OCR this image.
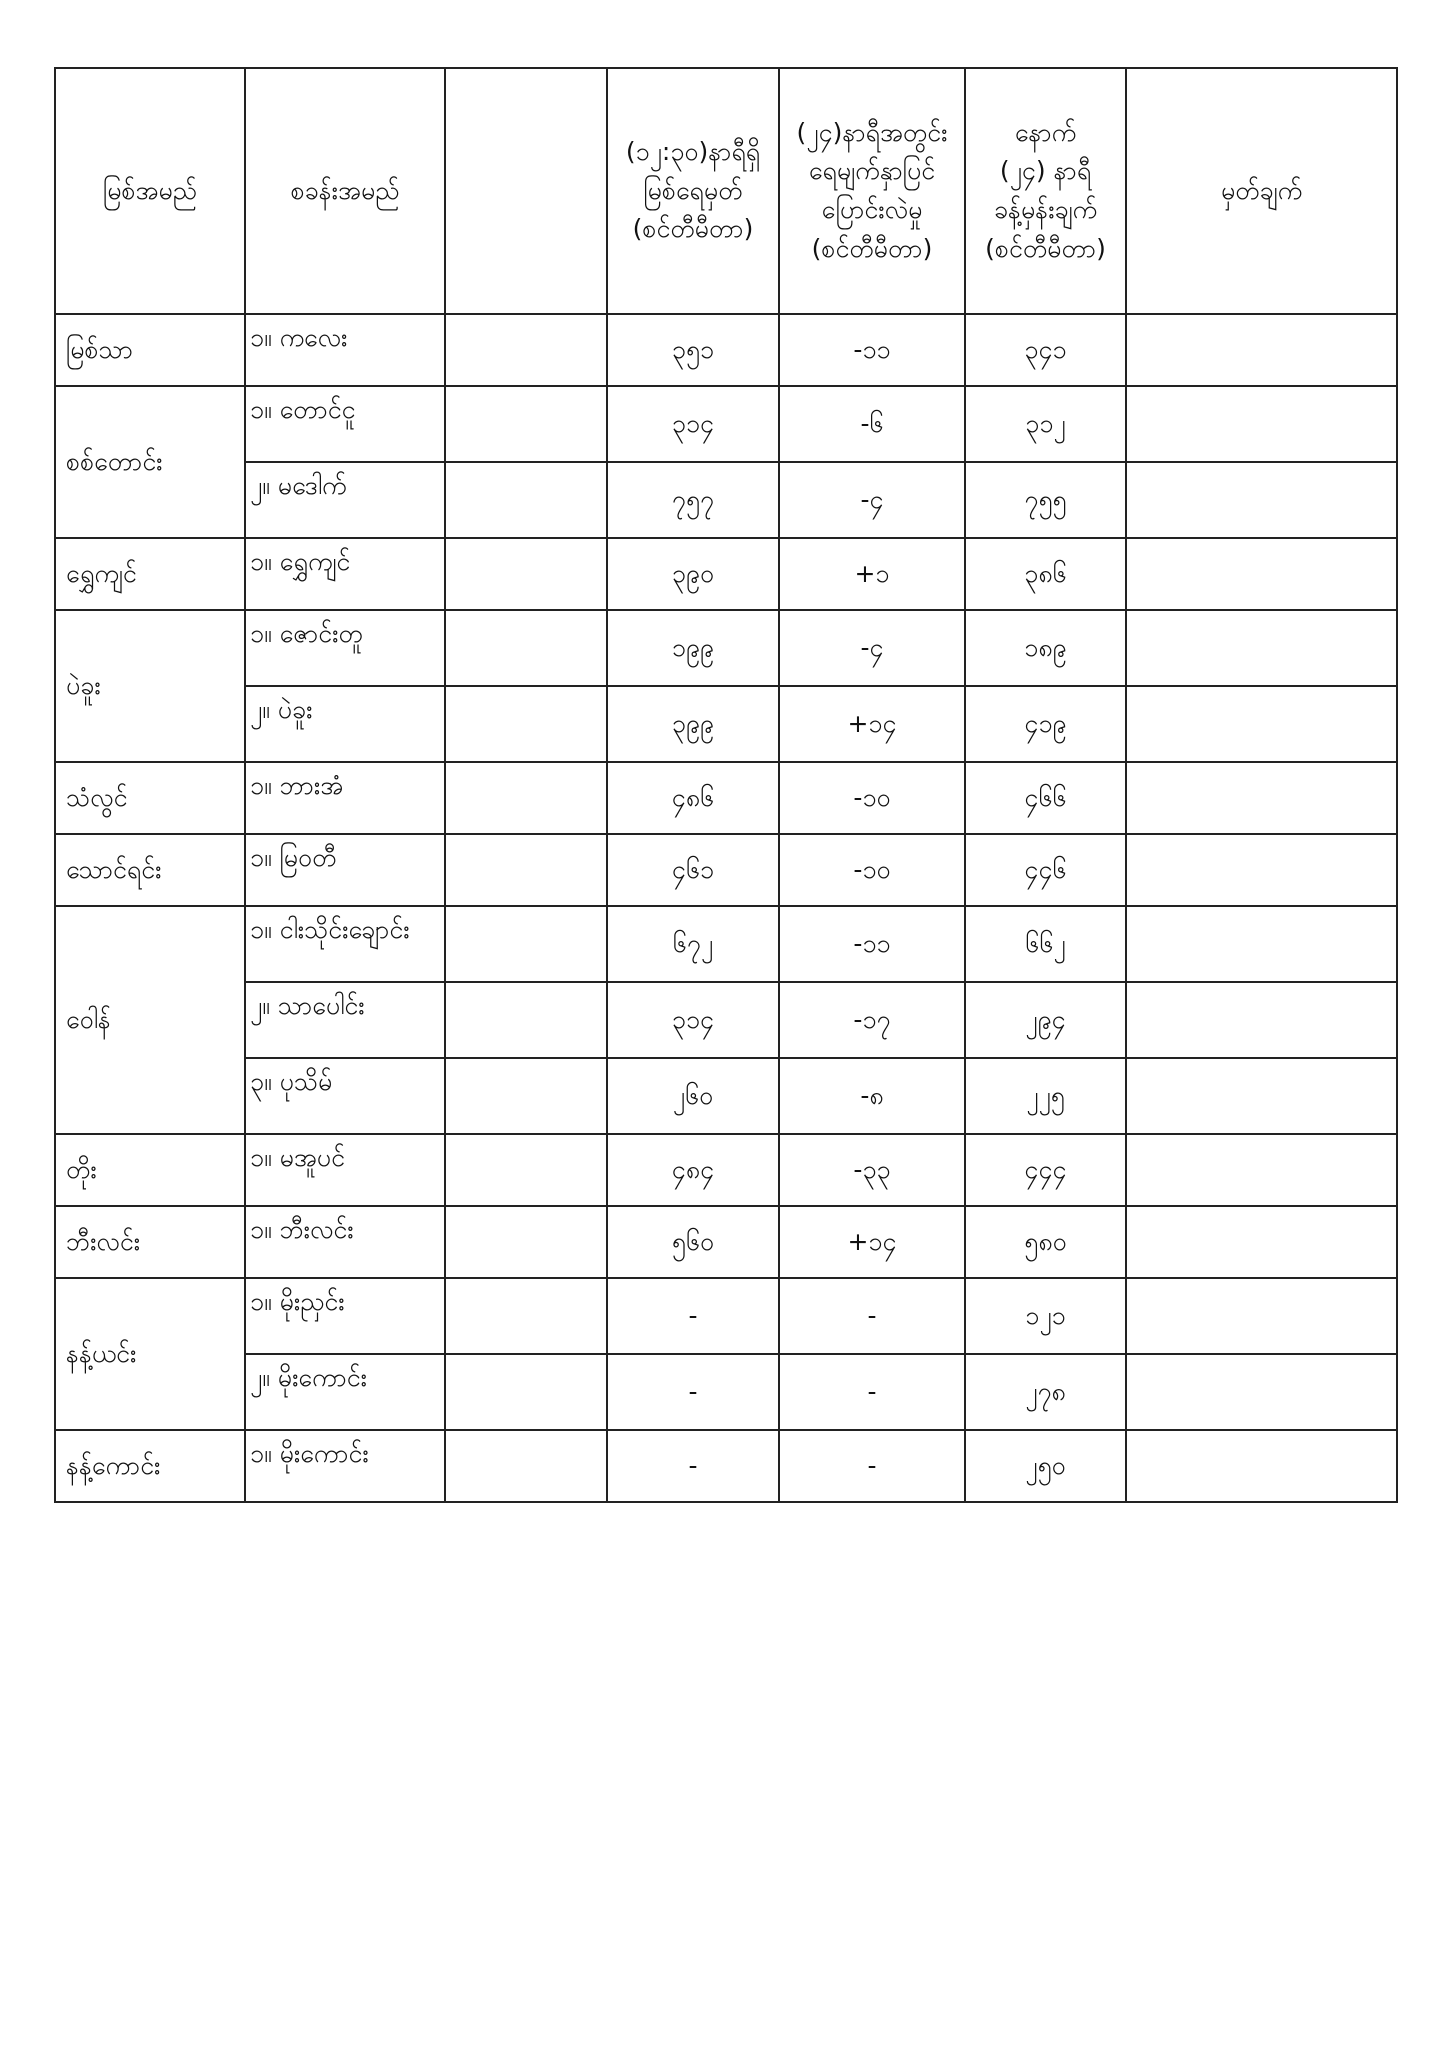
မြစ်အမည်	စခန်းအမည်		(၁၂:၃၀)နာရီရှိ
မြစ်ရေမှတ်
(စင်တီမီတာ)	(၂၄)နာရီအတွင်း
ရေမျက်နှာပြင်
ပြောင်းလဲမှု
(စင်တီမီတာ)	နောက်
(၂၄) နာရီ
ခန့်မှန်းချက်
(စင်တီမီတာ)	မှတ်ချက်

မြစ်သာ	၁။ ကလေး		၃၅၁	-၁၁	၃၄၁	
စစ်တောင်း	၁။ တောင်ငူ		၃၁၄	-၆	၃၁၂	
	၂။ မဒေါက်		၇၅၇	-၄	၇၅၅	
ရွှေကျင်	၁။ ရွှေကျင်		၃၉၀	+၁	၃၈၆	
ပဲခူး	၁။ ဇောင်းတူ		၁၉၉	-၄	၁၈၉	
	၂။ ပဲခူး		၃၉၉	+၁၄	၄၁၉	
သံလွင်	၁။ ဘားအံ		၄၈၆	-၁၀	၄၆၆	
သောင်ရင်း	၁။ မြဝတီ		၄၆၁	-၁၀	၄၄၆	
ဝေါန်	၁။ ငါးသိုင်းချောင်း		၆၇၂	-၁၁	၆၆၂	
	၂။ သာပေါင်း		၃၁၄	-၁၇	၂၉၄	
	၃။ ပုသိမ်		၂၆၀	-၈	၂၂၅	
တိုး	၁။ မအူပင်		၄၈၄	-၃၃	၄၄၄	
ဘီးလင်း	၁။ ဘီးလင်း		၅၆၀	+၁၄	၅၈၀	
နန့်ယင်း	၁။ မိုးညှင်း		-	-	၁၂၁	
	၂။ မိုးကောင်း		-	-	၂၇၈	
နန့်ကောင်း	၁။ မိုးကောင်း		-	-	၂၅၀	
